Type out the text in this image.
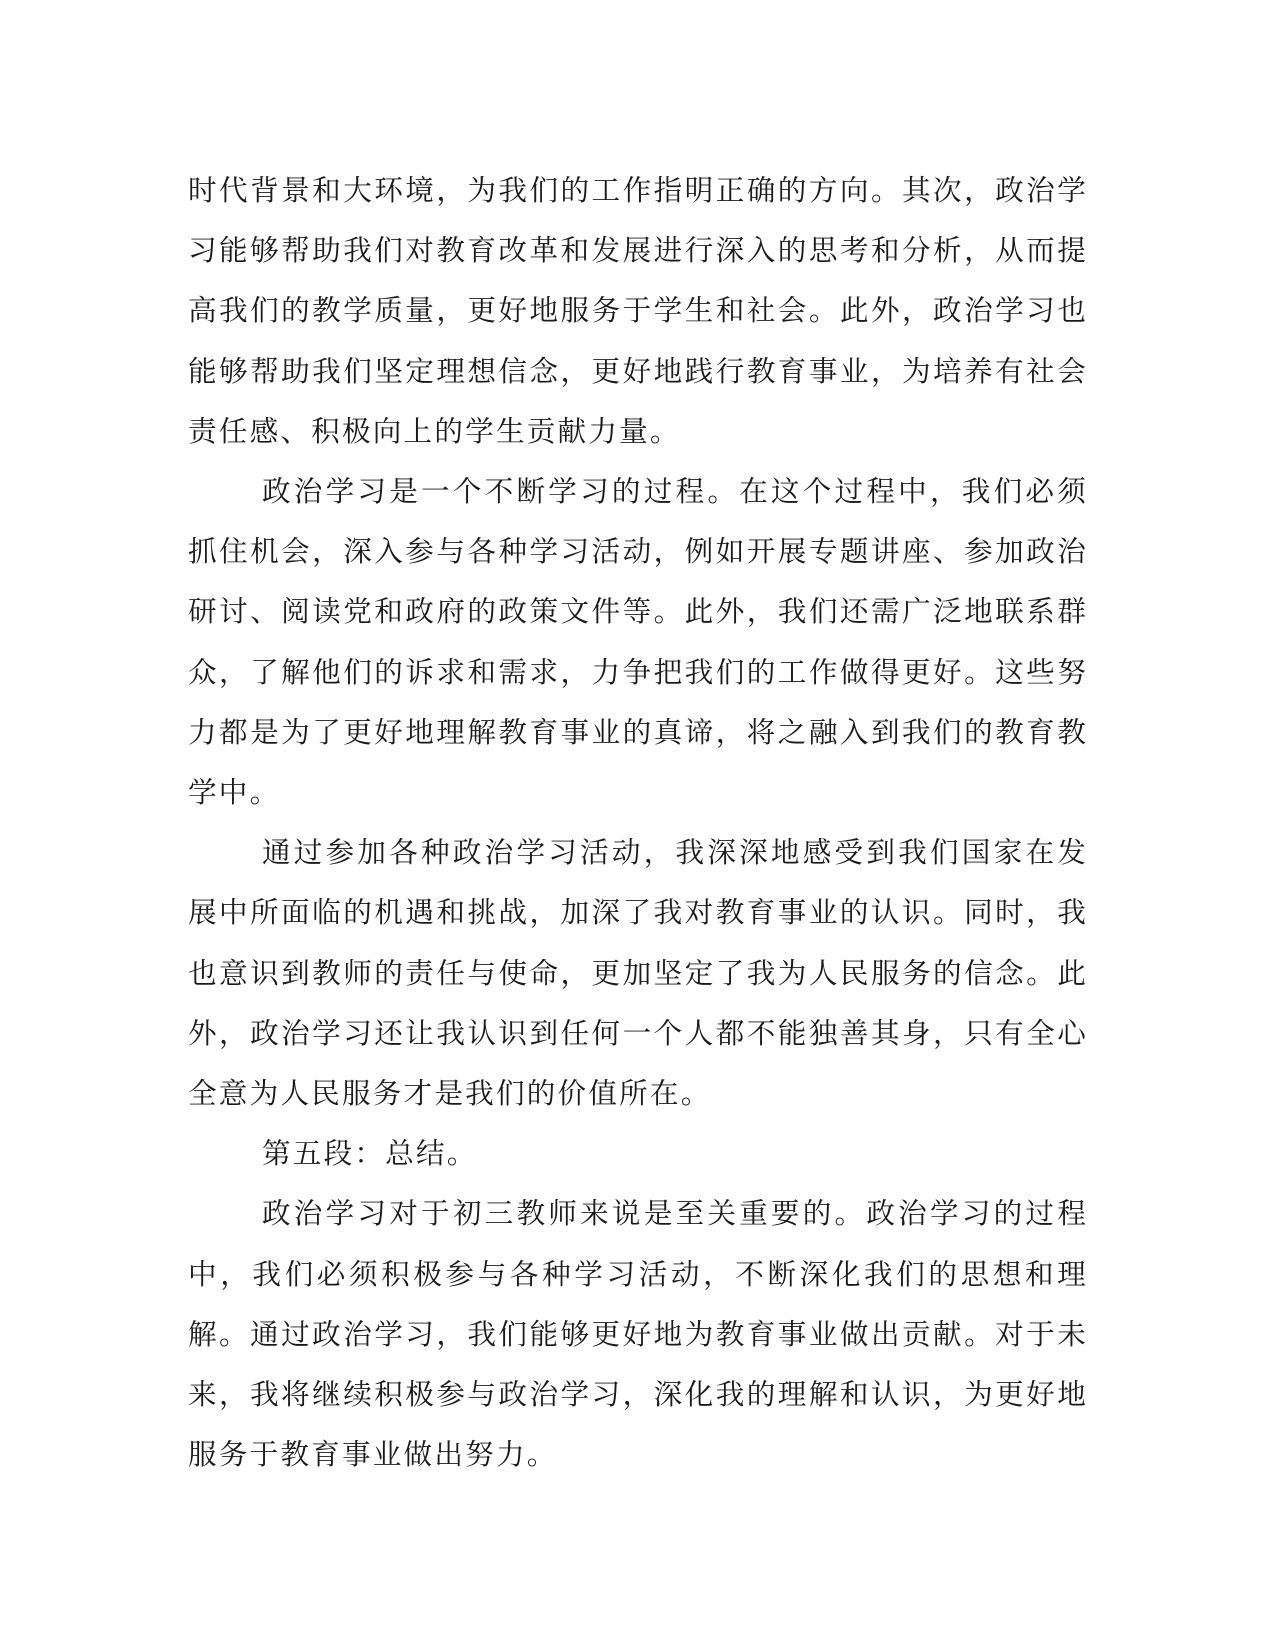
时代背景和大环境，为我们的工作指明正确的方向。其次，政治学习能够帮助我们对教育改革和发展进行深入的思考和分析，从而提高我们的教学质量，更好地服务于学生和社会。此外，政治学习也能够帮助我们坚定理想信念，更好地践行教育事业，为培养有社会责任感、积极向上的学生贡献力量。

政治学习是一个不断学习的过程。在这个过程中，我们必须抓住机会，深入参与各种学习活动，例如开展专题讲座、参加政治研讨、阅读党和政府的政策文件等。此外，我们还需广泛地联系群众，了解他们的诉求和需求，力争把我们的工作做得更好。这些努力都是为了更好地理解教育事业的真谛，将之融入到我们的教育教学中。

通过参加各种政治学习活动，我深深地感受到我们国家在发展中所面临的机遇和挑战，加深了我对教育事业的认识。同时，我也意识到教师的责任与使命，更加坚定了我为人民服务的信念。此外，政治学习还让我认识到任何一个人都不能独善其身，只有全心全意为人民服务才是我们的价值所在。

第五段：总结。

政治学习对于初三教师来说是至关重要的。政治学习的过程中，我们必须积极参与各种学习活动，不断深化我们的思想和理解。通过政治学习，我们能够更好地为教育事业做出贡献。对于未来，我将继续积极参与政治学习，深化我的理解和认识，为更好地服务于教育事业做出努力。
